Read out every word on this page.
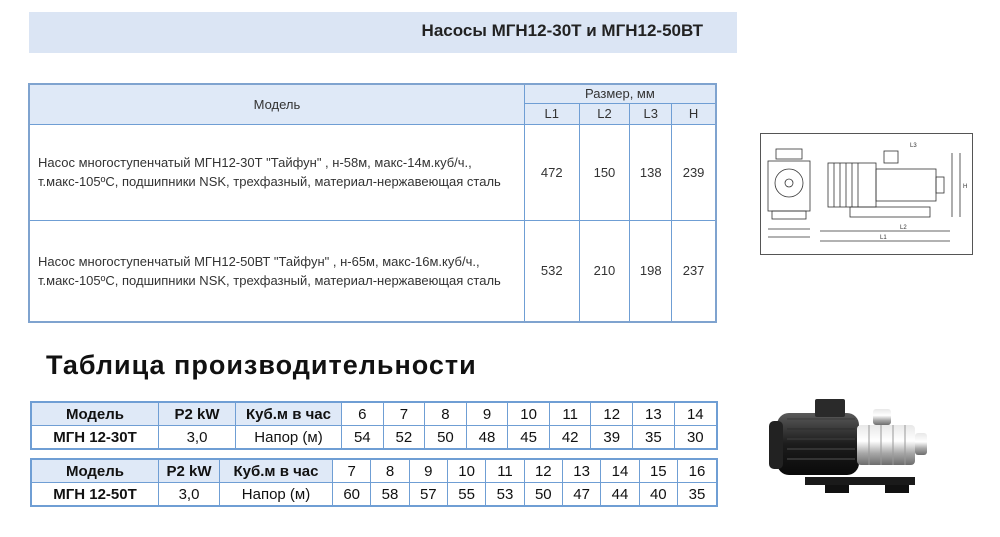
Насосы МГН12-30Т и МГН12-50ВТ
Модель	Размер, мм			
	L1	L2	L3	H
Насос многоступенчатый МГН12-30Т "Тайфун" , н-58м, макс-14м.куб/ч., т.макс-105ºC, подшипники NSK, трехфазный, материал-нержавеющая сталь	472	150	138	239
Насос многоступенчатый МГН12-50ВТ "Тайфун" , н-65м, макс-16м.куб/ч., т.макс-105ºC, подшипники NSK, трехфазный, материал-нержавеющая сталь	532	210	198	237
Таблица производительности
Модель	P2 kW	Куб.м в час	6	7	8	9	10	11	12	13	14
МГН 12-30Т	3,0	Напор (м)	54	52	50	48	45	42	39	35	30
Модель	P2 kW	Куб.м в час	7	8	9	10	11	12	13	14	15	16
МГН 12-50Т	3,0	Напор (м)	60	58	57	55	53	50	47	44	40	35
L1
L2
L3
H
